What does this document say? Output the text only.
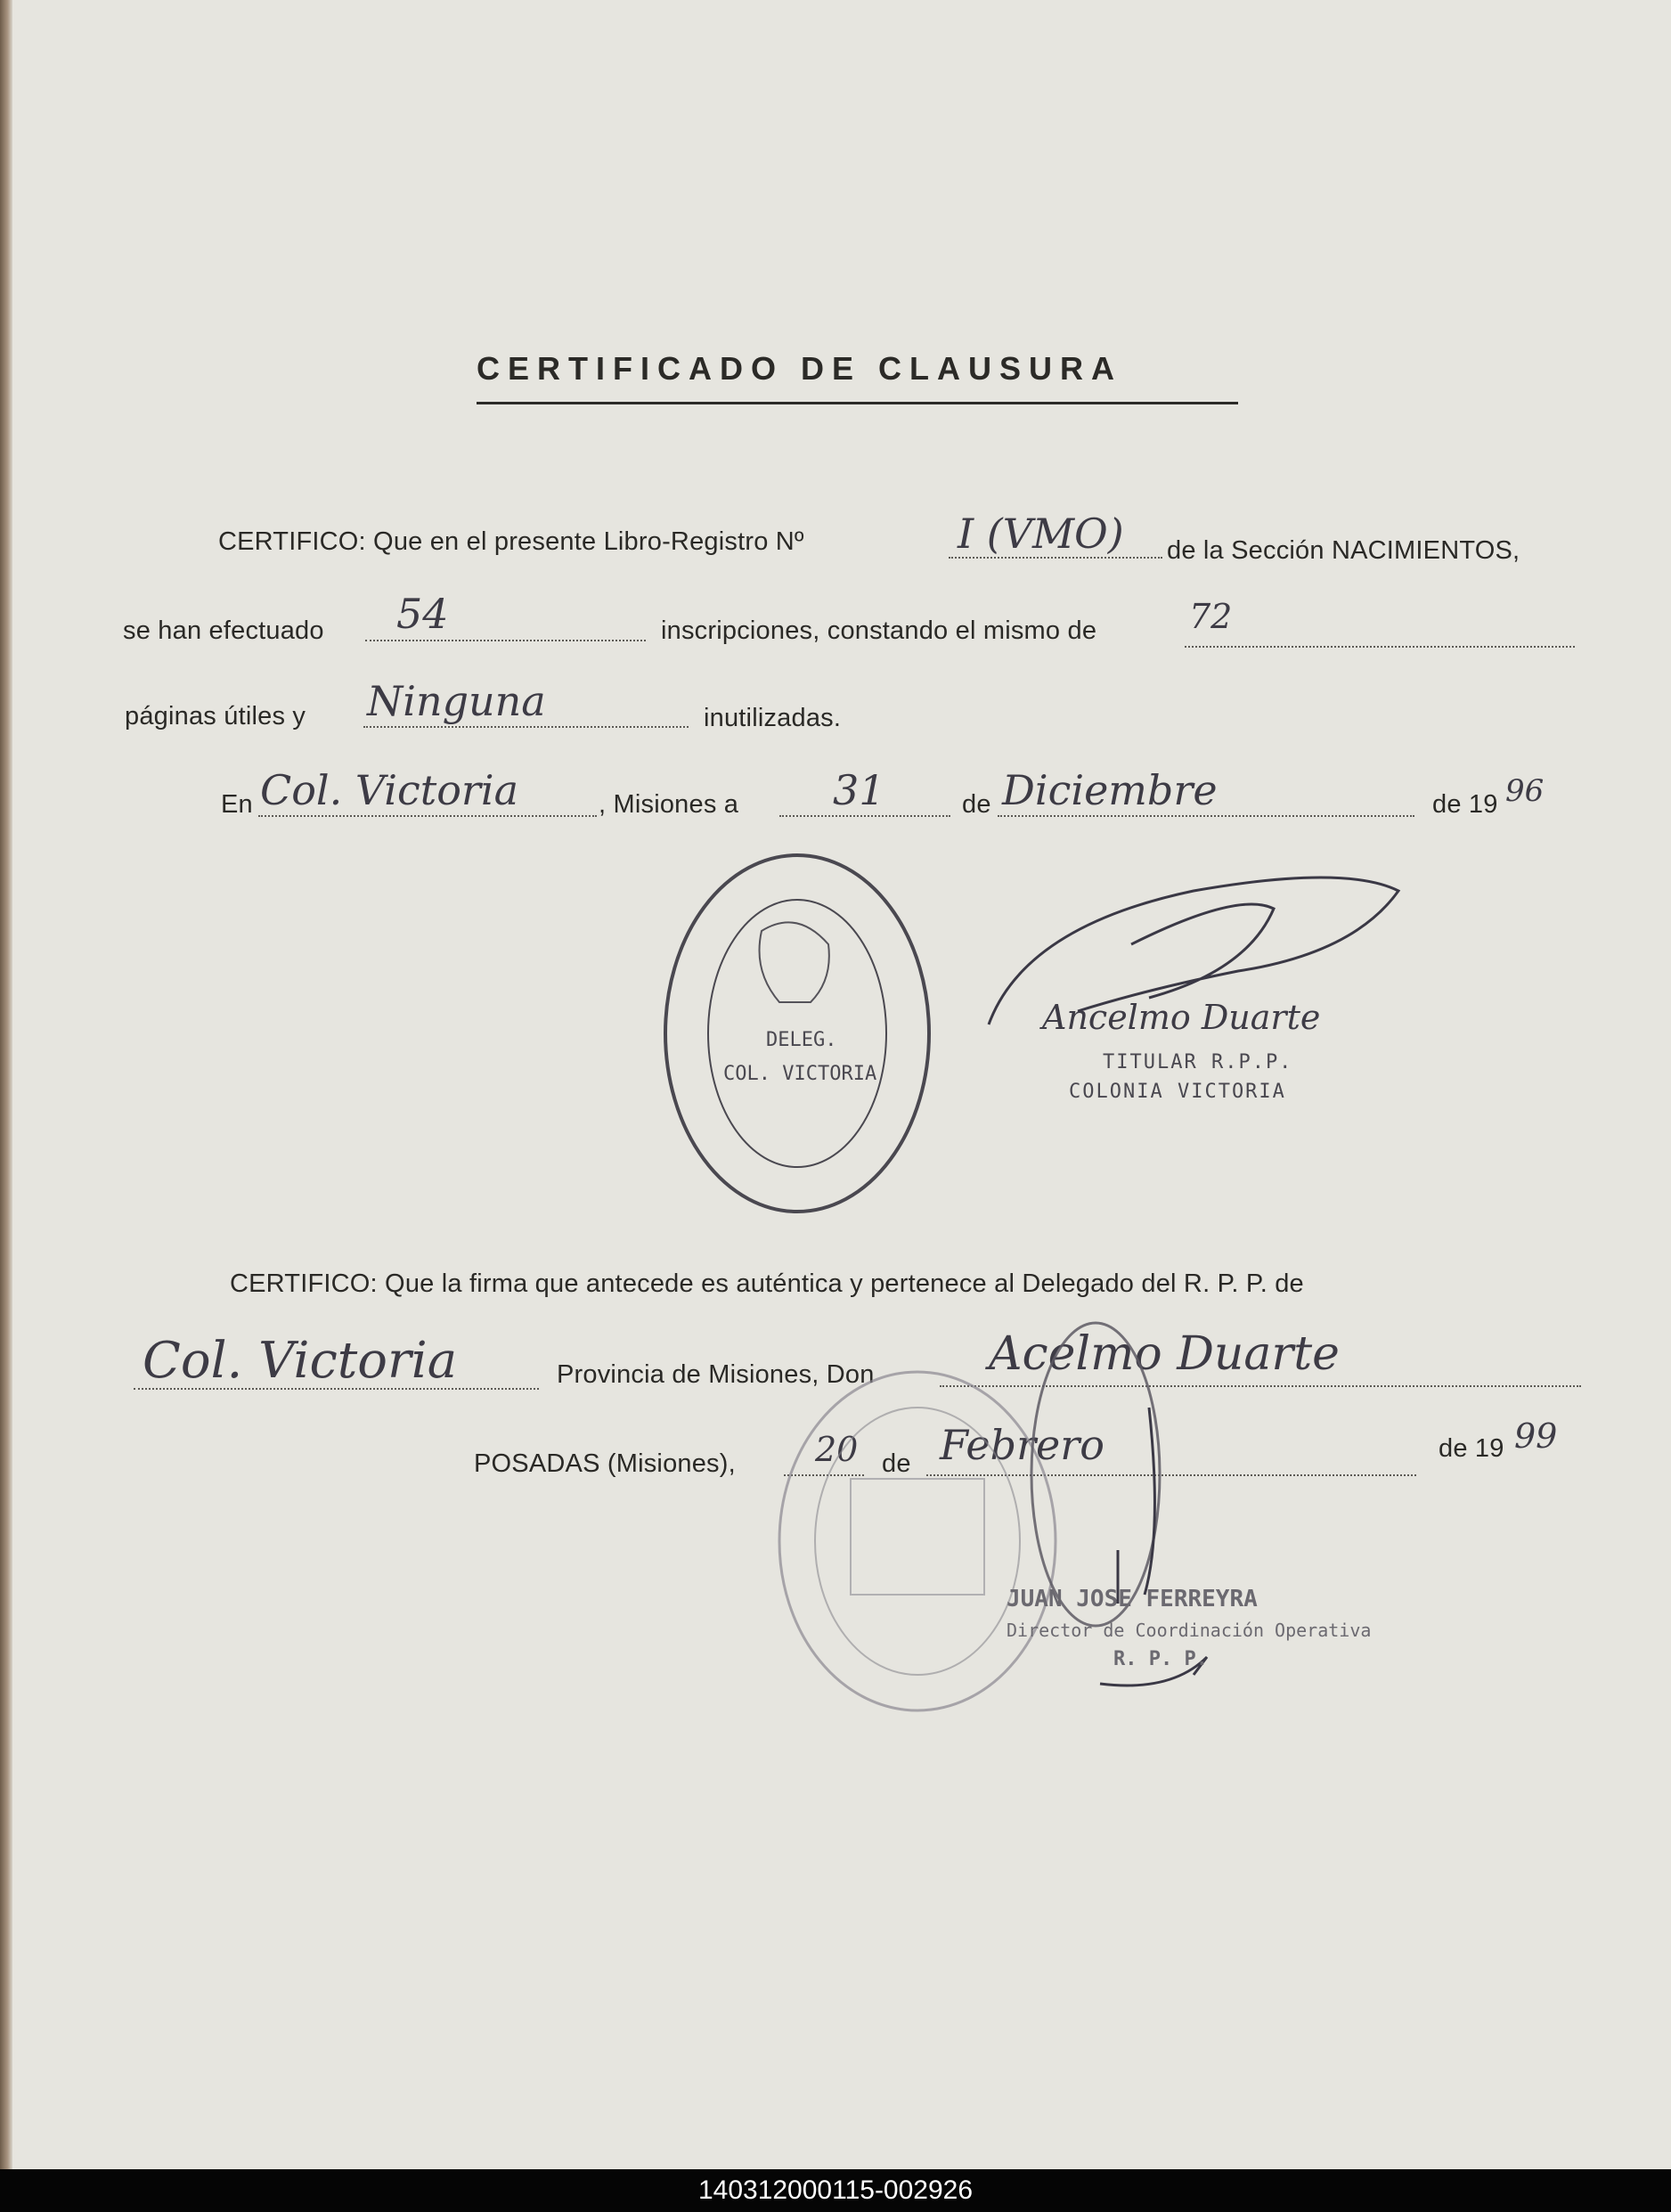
CERTIFICADO DE CLAUSURA
CERTIFICO: Que en el presente Libro-Registro Nº	I (VMO) de la Sección NACIMIENTOS,
se han efectuado 54	inscripciones, constando el mismo de	72
páginas útiles y Ninguna	inutilizadas.
En Col. Victoria	, Misiones a 31	de Diciembre	de 19 96
DELEG.
COL. VICTORIA
Ancelmo Duarte
TITULAR R.P.P.
COLONIA VICTORIA
CERTIFICO: Que la firma que antecede es auténtica y pertenece al Delegado del R. P. P. de
Col. Victoria	Provincia de Misiones, Don Acelmo Duarte
POSADAS (Misiones), 20 de Febrero	de 19 99
JUAN JOSE FERREYRA
Director de Coordinación Operativa
R. P. P.
140312000115-002926
